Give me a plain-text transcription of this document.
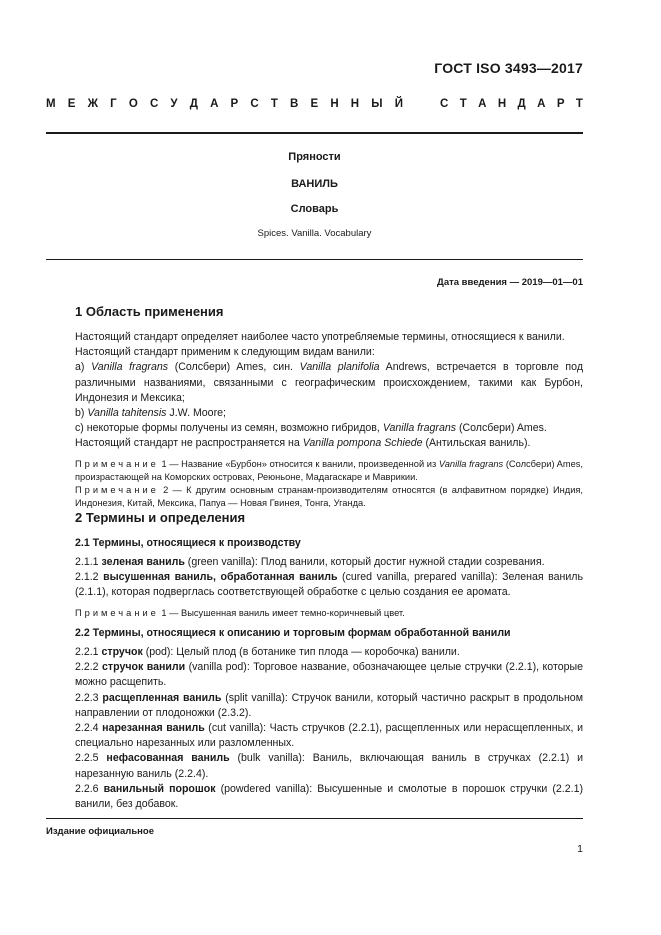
ГОСТ ISO 3493—2017
М Е Ж Г О С У Д А Р С Т В Е Н Н Ы Й	С Т А Н Д А Р Т
Пряности
ВАНИЛЬ
Словарь
Spices. Vanilla. Vocabulary
Дата введения — 2019—01—01
1 Область применения

Настоящий стандарт определяет наиболее часто употребляемые термины, относящиеся к ванили.

Настоящий стандарт применим к следующим видам ванили:

a) Vanilla fragrans (Солсбери) Ames, син. Vanilla planifolia Andrews, встречается в торговле под различными названиями, связанными с географическим происхождением, такими как Бурбон, Индонезия и Мексика;

b) Vanilla tahitensis J.W. Moore;

c) некоторые формы получены из семян, возможно гибридов, Vanilla fragrans (Солсбери) Ames.

Настоящий стандарт не распространяется на Vanilla pompona Schiede (Антильская ваниль).

Примечание 1 — Название «Бурбон» относится к ванили, произведенной из Vanilla fragrans (Солсбери) Ames, произрастающей на Коморских островах, Реюньоне, Мадагаскаре и Маврикии.

Примечание 2 — К другим основным странам-производителям относятся (в алфавитном порядке) Индия, Индонезия, Китай, Мексика, Папуа — Новая Гвинея, Тонга, Уганда.

2 Термины и определения
2.1 Термины, относящиеся к производству

2.1.1 зеленая ваниль (green vanilla): Плод ванили, который достиг нужной стадии созревания.

2.1.2 высушенная ваниль, обработанная ваниль (cured vanilla, prepared vanilla): Зеленая ваниль (2.1.1), которая подверглась соответствующей обработке с целью создания ее аромата.

Примечание 1 — Высушенная ваниль имеет темно-коричневый цвет.

2.2 Термины, относящиеся к описанию и торговым формам обработанной ванили

2.2.1 стручок (pod): Целый плод (в ботанике тип плода — коробочка) ванили.

2.2.2 стручок ванили (vanilla pod): Торговое название, обозначающее целые стручки (2.2.1), которые можно расщепить.

2.2.3 расщепленная ваниль (split vanilla): Стручок ванили, который частично раскрыт в продольном направлении от плодоножки (2.3.2).

2.2.4 нарезанная ваниль (cut vanilla): Часть стручков (2.2.1), расщепленных или нерасщепленных, и специально нарезанных или разломленных.

2.2.5 нефасованная ваниль (bulk vanilla): Ваниль, включающая ваниль в стручках (2.2.1) и нарезанную ваниль (2.2.4).

2.2.6 ванильный порошок (powdered vanilla): Высушенные и смолотые в порошок стручки (2.2.1) ванили, без добавок.

Издание официальное
1
